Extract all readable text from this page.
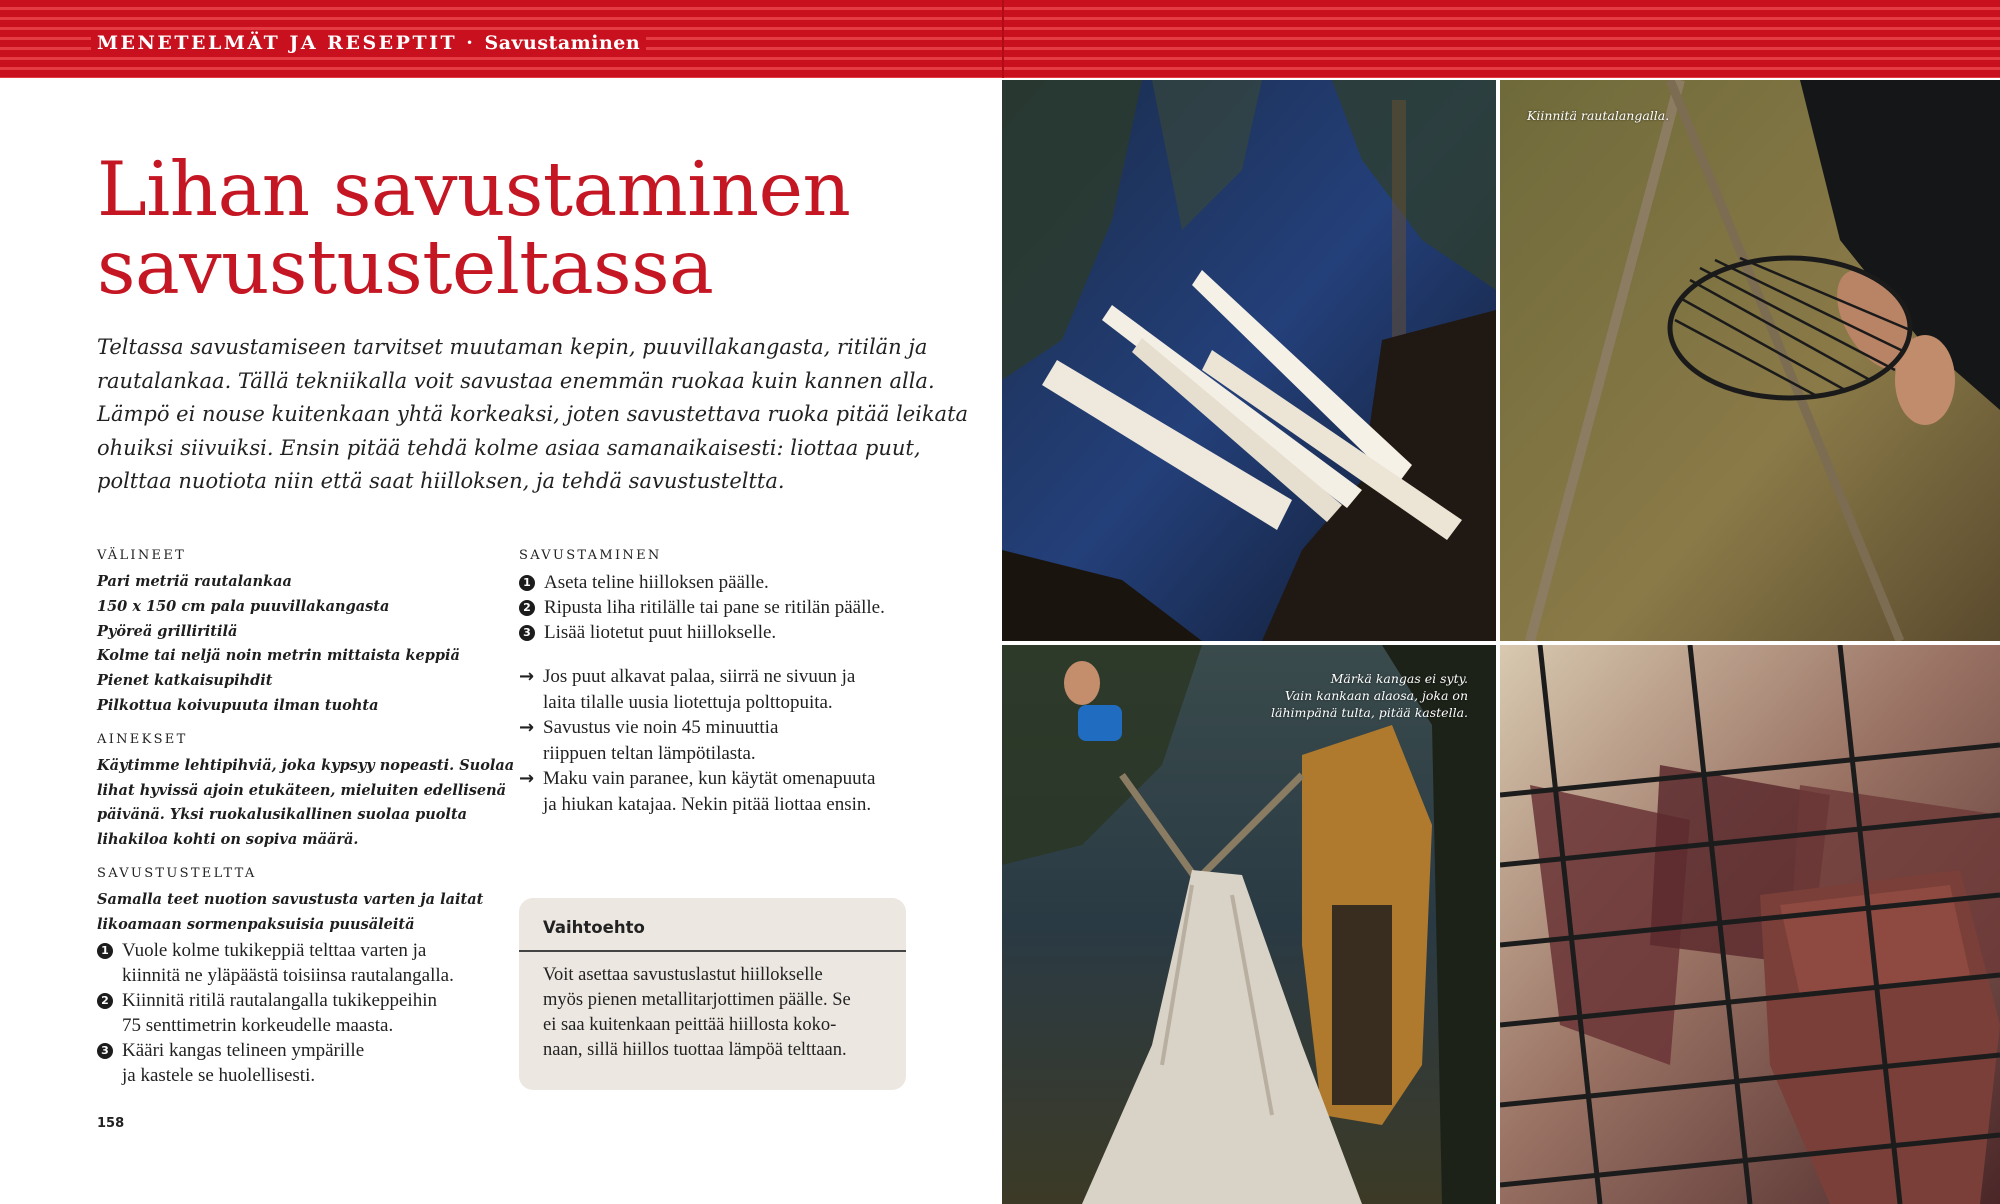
MENETELMÄT JA RESEPTIT · Savustaminen
Lihan savustaminen
savustusteltassa

Teltassa savustamiseen tarvitset muutaman kepin, puuvillakangasta, ritilän ja
rautalankaa. Tällä tekniikalla voit savustaa enemmän ruokaa kuin kannen alla.
Lämpö ei nouse kuitenkaan yhtä korkeaksi, joten savustettava ruoka pitää leikata
ohuiksi siivuiksi. Ensin pitää tehdä kolme asiaa samanaikaisesti: liottaa puut,
polttaa nuotiota niin että saat hiilloksen, ja tehdä savustusteltta.

VÄLINEET
Pari metriä rautalankaa
150 x 150 cm pala puuvillakangasta
Pyöreä grilliritilä
Kolme tai neljä noin metrin mittaista keppiä
Pienet katkaisupihdit
Pilkottua koivupuuta ilman tuohta
AINEKSET
Käytimme lehtipihviä, joka kypsyy nopeasti. Suolaa
lihat hyvissä ajoin etukäteen, mieluiten edellisenä
päivänä. Yksi ruokalusikallinen suolaa puolta
lihakiloa kohti on sopiva määrä.
SAVUSTUSTELTTA
Samalla teet nuotion savustusta varten ja laitat
likoamaan sormenpaksuisia puusäleitä
1 Vuole kolme tukikeppiä telttaa varten ja
kiinnitä ne yläpäästä toisiinsa rautalangalla.
2 Kiinnitä ritilä rautalangalla tukikeppeihin
75 senttimetrin korkeudelle maasta.
3 Kääri kangas telineen ympärille
ja kastele se huolellisesti.
SAVUSTAMINEN
1 Aseta teline hiilloksen päälle.
2 Ripusta liha ritilälle tai pane se ritilän päälle.
3 Lisää liotetut puut hiillokselle.
→ Jos puut alkavat palaa, siirrä ne sivuun ja
laita tilalle uusia liotettuja polttopuita.
→ Savustus vie noin 45 minuuttia
riippuen teltan lämpötilasta.
→ Maku vain paranee, kun käytät omenapuuta
ja hiukan katajaa. Nekin pitää liottaa ensin.
Vaihtoehto
Voit asettaa savustuslastut hiillokselle
myös pienen metallitarjottimen päälle. Se
ei saa kuitenkaan peittää hiillosta koko-
naan, sillä hiillos tuottaa lämpöä telttaan.
158
Kiinnitä rautalangalla.
Märkä kangas ei syty.
Vain kankaan alaosa, joka on
lähimpänä tulta, pitää kastella.
